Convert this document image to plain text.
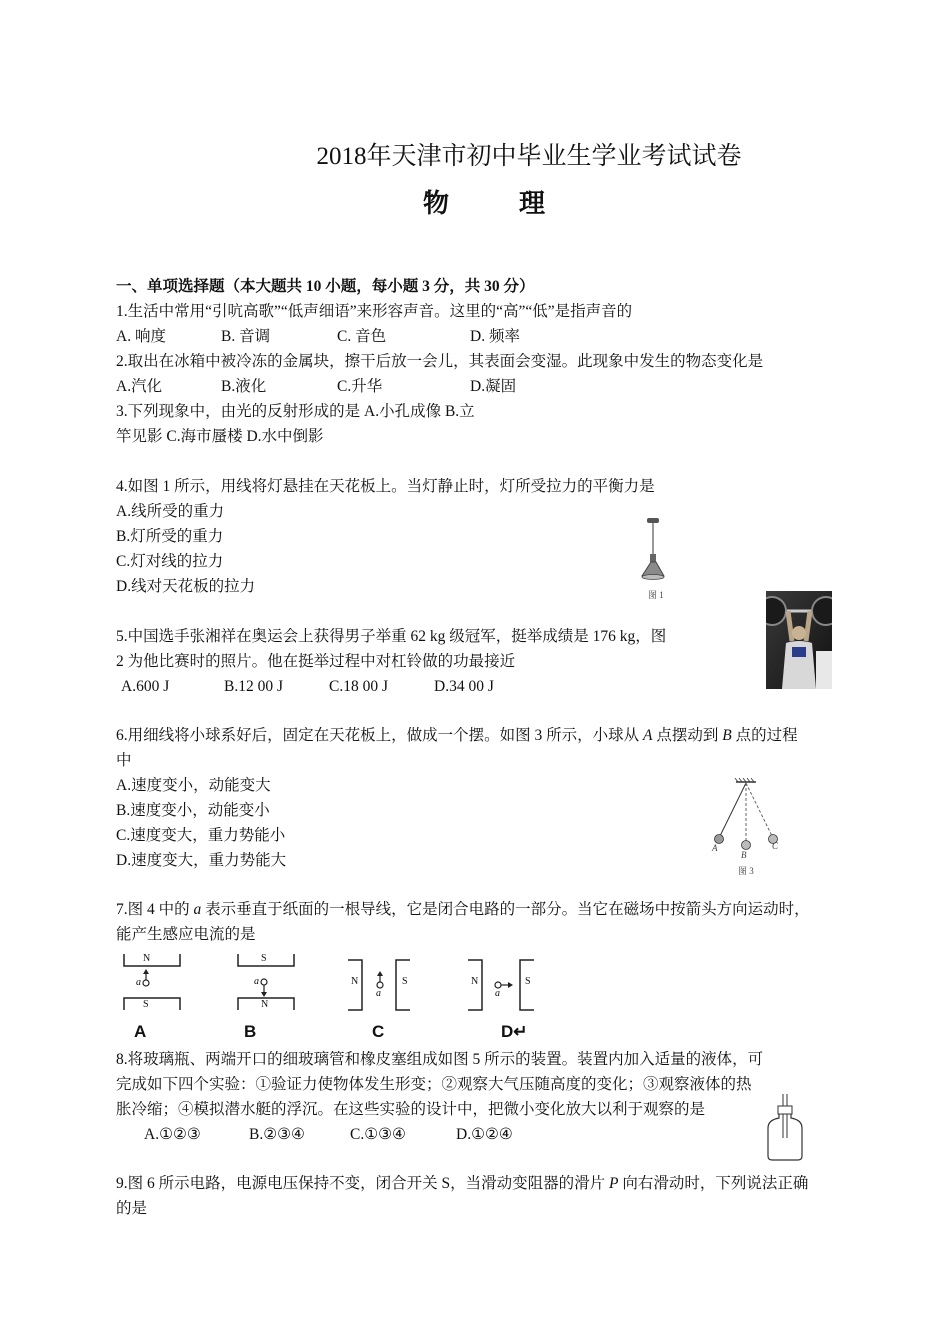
2018年天津市初中毕业生学业考试试卷
物　理
一、单项选择题（本大题共 10 小题，每小题 3 分，共 30 分）
1.生活中常用“引吭高歌”“低声细语”来形容声音。这里的“高”“低”是指声音的
A. 响度	B. 音调	C. 音色	D. 频率
2.取出在冰箱中被冷冻的金属块，擦干后放一会儿，其表面会变湿。此现象中发生的物态变化是
A.汽化	B.液化	C.升华	D.凝固
3.下列现象中，由光的反射形成的是 A.小孔成像 B.立
竿见影 C.海市蜃楼 D.水中倒影
4.如图 1 所示，用线将灯悬挂在天花板上。当灯静止时，灯所受拉力的平衡力是
A.线所受的重力
B.灯所受的重力
C.灯对线的拉力
D.线对天花板的拉力	图 1
5.中国选手张湘祥在奥运会上获得男子举重 62 kg 级冠军，挺举成绩是 176 kg，图
2 为他比赛时的照片。他在挺举过程中对杠铃做的功最接近
A.600 J	B.12 00 J	C.18 00 J	D.34 00 J
6.用细线将小球系好后，固定在天花板上，做成一个摆。如图 3 所示，小球从 A 点摆动到 B 点的过程
中
A.速度变小，动能变大
B.速度变小，动能变小
C.速度变大，重力势能小
D.速度变大，重力势能大
A
B
C
图 3
7.图 4 中的 a 表示垂直于纸面的一根导线，它是闭合电路的一部分。当它在磁场中按箭头方向运动时，
能产生感应电流的是
N
S
a
A
S
N
a
B
N	S
a
C
N	S
a
D↵
8.将玻璃瓶、两端开口的细玻璃管和橡皮塞组成如图 5 所示的装置。装置内加入适量的液体，可
完成如下四个实验：①验证力使物体发生形变；②观察大气压随高度的变化；③观察液体的热
胀冷缩；④模拟潜水艇的浮沉。在这些实验的设计中，把微小变化放大以利于观察的是
A.①②③	B.②③④	C.①③④	D.①②④
9.图 6 所示电路，电源电压保持不变，闭合开关 S，当滑动变阻器的滑片 P 向右滑动时，下列说法正确
的是
